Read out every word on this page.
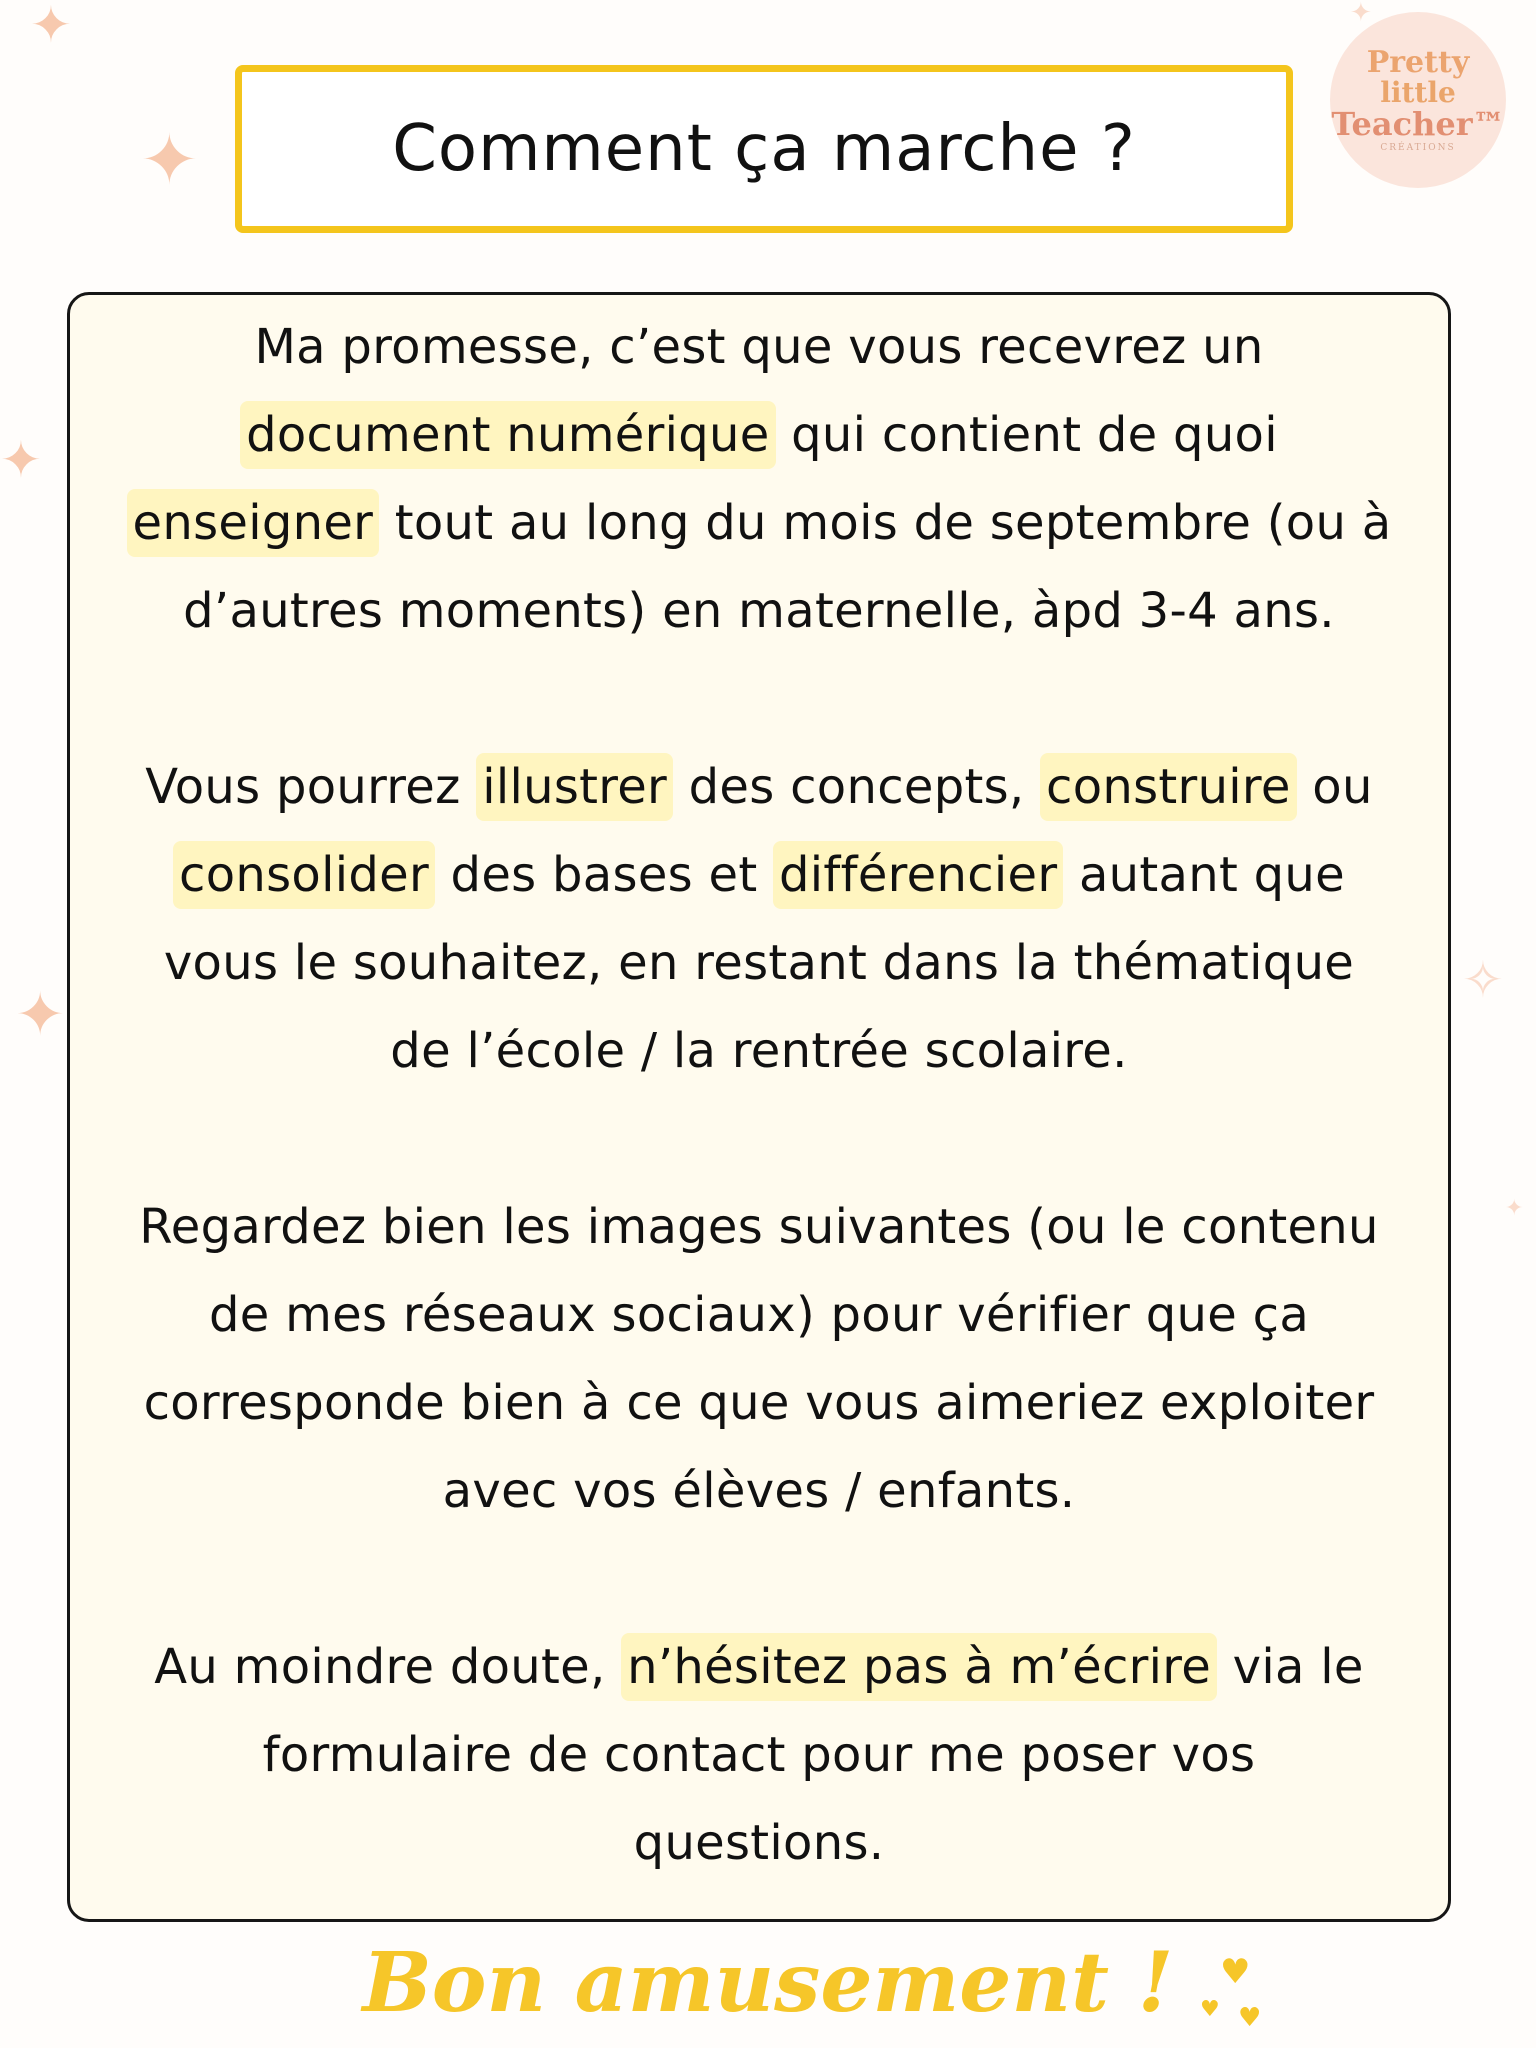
✦
✦
✦
✦	✧
✦
✦
Comment ça marche ?
Pretty
little
Teacher™
CRÉATIONS
Ma promesse, c’est que vous recevrez un
document numérique qui contient de quoi
enseigner tout au long du mois de septembre (ou à
d’autres moments) en maternelle, àpd 3-4 ans.
Vous pourrez illustrer des concepts, construire ou
consolider des bases et différencier autant que
vous le souhaitez, en restant dans la thématique
de l’école / la rentrée scolaire.
Regardez bien les images suivantes (ou le contenu
de mes réseaux sociaux) pour vérifier que ça
corresponde bien à ce que vous aimeriez exploiter
avec vos élèves / enfants.
Au moindre doute, n’hésitez pas à m’écrire via le
formulaire de contact pour me poser vos
questions.
Bon amusement !	♥
♥ ♥
